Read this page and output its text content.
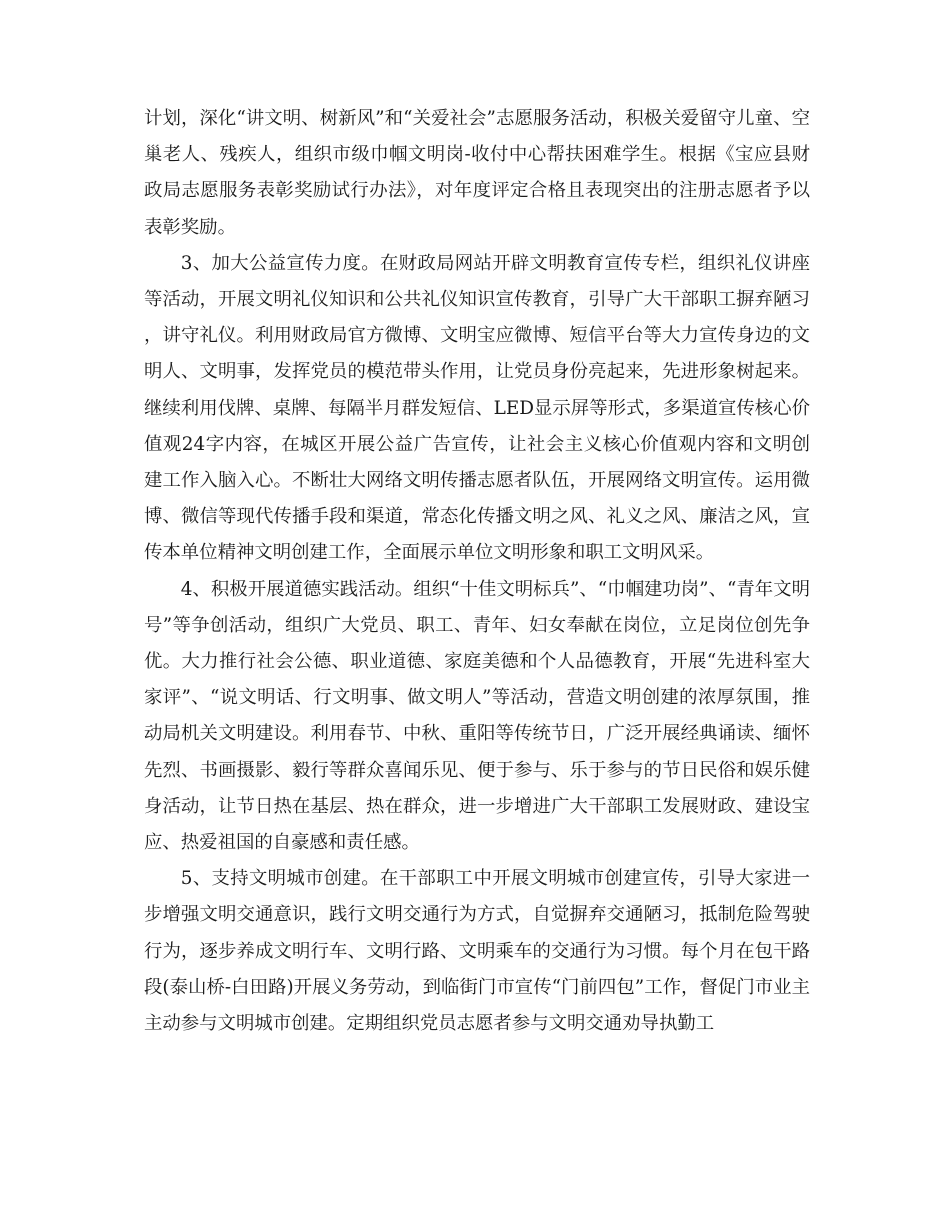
计划，深化“讲文明、树新风”和“关爱社会”志愿服务活动，积极关爱留守儿童、空巢老人、残疾人，组织市级巾帼文明岗-收付中心帮扶困难学生。根据《宝应县财政局志愿服务表彰奖励试行办法》，对年度评定合格且表现突出的注册志愿者予以表彰奖励。

3、加大公益宣传力度。在财政局网站开辟文明教育宣传专栏，组织礼仪讲座等活动，开展文明礼仪知识和公共礼仪知识宣传教育，引导广大干部职工摒弃陋习，讲守礼仪。利用财政局官方微博、文明宝应微博、短信平台等大力宣传身边的文明人、文明事，发挥党员的模范带头作用，让党员身份亮起来，先进形象树起来。继续利用伐牌、桌牌、每隔半月群发短信、LED显示屏等形式，多渠道宣传核心价值观24字内容，在城区开展公益广告宣传，让社会主义核心价值观内容和文明创建工作入脑入心。不断壮大网络文明传播志愿者队伍，开展网络文明宣传。运用微博、微信等现代传播手段和渠道，常态化传播文明之风、礼义之风、廉洁之风，宣传本单位精神文明创建工作，全面展示单位文明形象和职工文明风采。

4、积极开展道德实践活动。组织“十佳文明标兵”、“巾帼建功岗”、“青年文明号”等争创活动，组织广大党员、职工、青年、妇女奉献在岗位，立足岗位创先争优。大力推行社会公德、职业道德、家庭美德和个人品德教育，开展“先进科室大家评”、“说文明话、行文明事、做文明人”等活动，营造文明创建的浓厚氛围，推动局机关文明建设。利用春节、中秋、重阳等传统节日，广泛开展经典诵读、缅怀先烈、书画摄影、毅行等群众喜闻乐见、便于参与、乐于参与的节日民俗和娱乐健身活动，让节日热在基层、热在群众，进一步增进广大干部职工发展财政、建设宝应、热爱祖国的自豪感和责任感。

5、支持文明城市创建。在干部职工中开展文明城市创建宣传，引导大家进一步增强文明交通意识，践行文明交通行为方式，自觉摒弃交通陋习，抵制危险驾驶行为，逐步养成文明行车、文明行路、文明乘车的交通行为习惯。每个月在包干路段(泰山桥-白田路)开展义务劳动，到临街门市宣传“门前四包”工作，督促门市业主主动参与文明城市创建。定期组织党员志愿者参与文明交通劝导执勤工
